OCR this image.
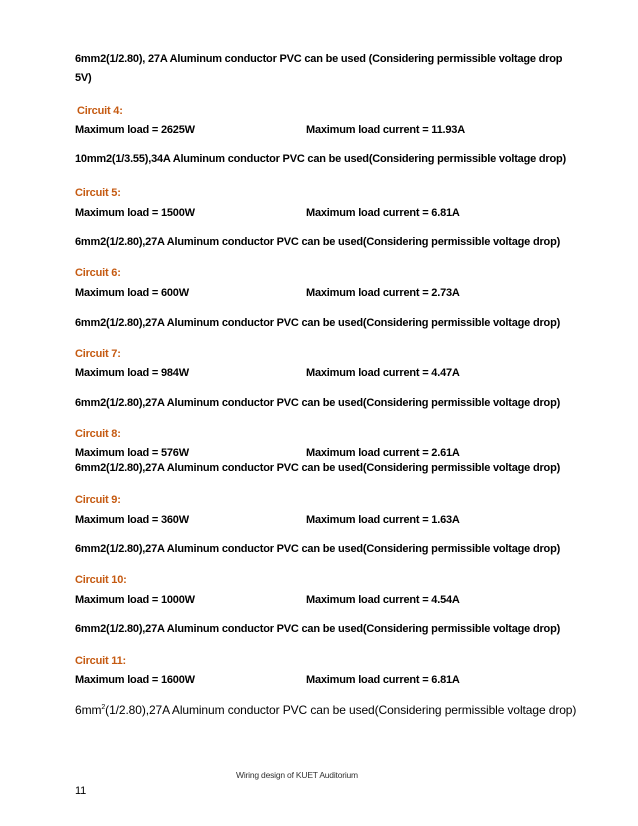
6mm2(1/2.80), 27A Aluminum conductor PVC can be used (Considering permissible voltage drop
5V)
Circuit 4:
Maximum load = 2625W	Maximum load current = 11.93A
10mm2(1/3.55),34A Aluminum conductor PVC can be used(Considering permissible voltage drop)
Circuit 5:
Maximum load = 1500W	Maximum load current = 6.81A
6mm2(1/2.80),27A Aluminum conductor PVC can be used(Considering permissible voltage drop)
Circuit 6:
Maximum load = 600W	Maximum load current = 2.73A
6mm2(1/2.80),27A Aluminum conductor PVC can be used(Considering permissible voltage drop)
Circuit 7:
Maximum load = 984W	Maximum load current = 4.47A
6mm2(1/2.80),27A Aluminum conductor PVC can be used(Considering permissible voltage drop)
Circuit 8:
Maximum load = 576W	Maximum load current = 2.61A
6mm2(1/2.80),27A Aluminum conductor PVC can be used(Considering permissible voltage drop)
Circuit 9:
Maximum load = 360W	Maximum load current = 1.63A
6mm2(1/2.80),27A Aluminum conductor PVC can be used(Considering permissible voltage drop)
Circuit 10:
Maximum load = 1000W	Maximum load current = 4.54A
6mm2(1/2.80),27A Aluminum conductor PVC can be used(Considering permissible voltage drop)
Circuit 11:
Maximum load = 1600W	Maximum load current = 6.81A
$6mm^2(1/2.80),27A$ Aluminum conductor PVC can be used(Considering permissible voltage drop)
Wiring design of KUET Auditorium
11
